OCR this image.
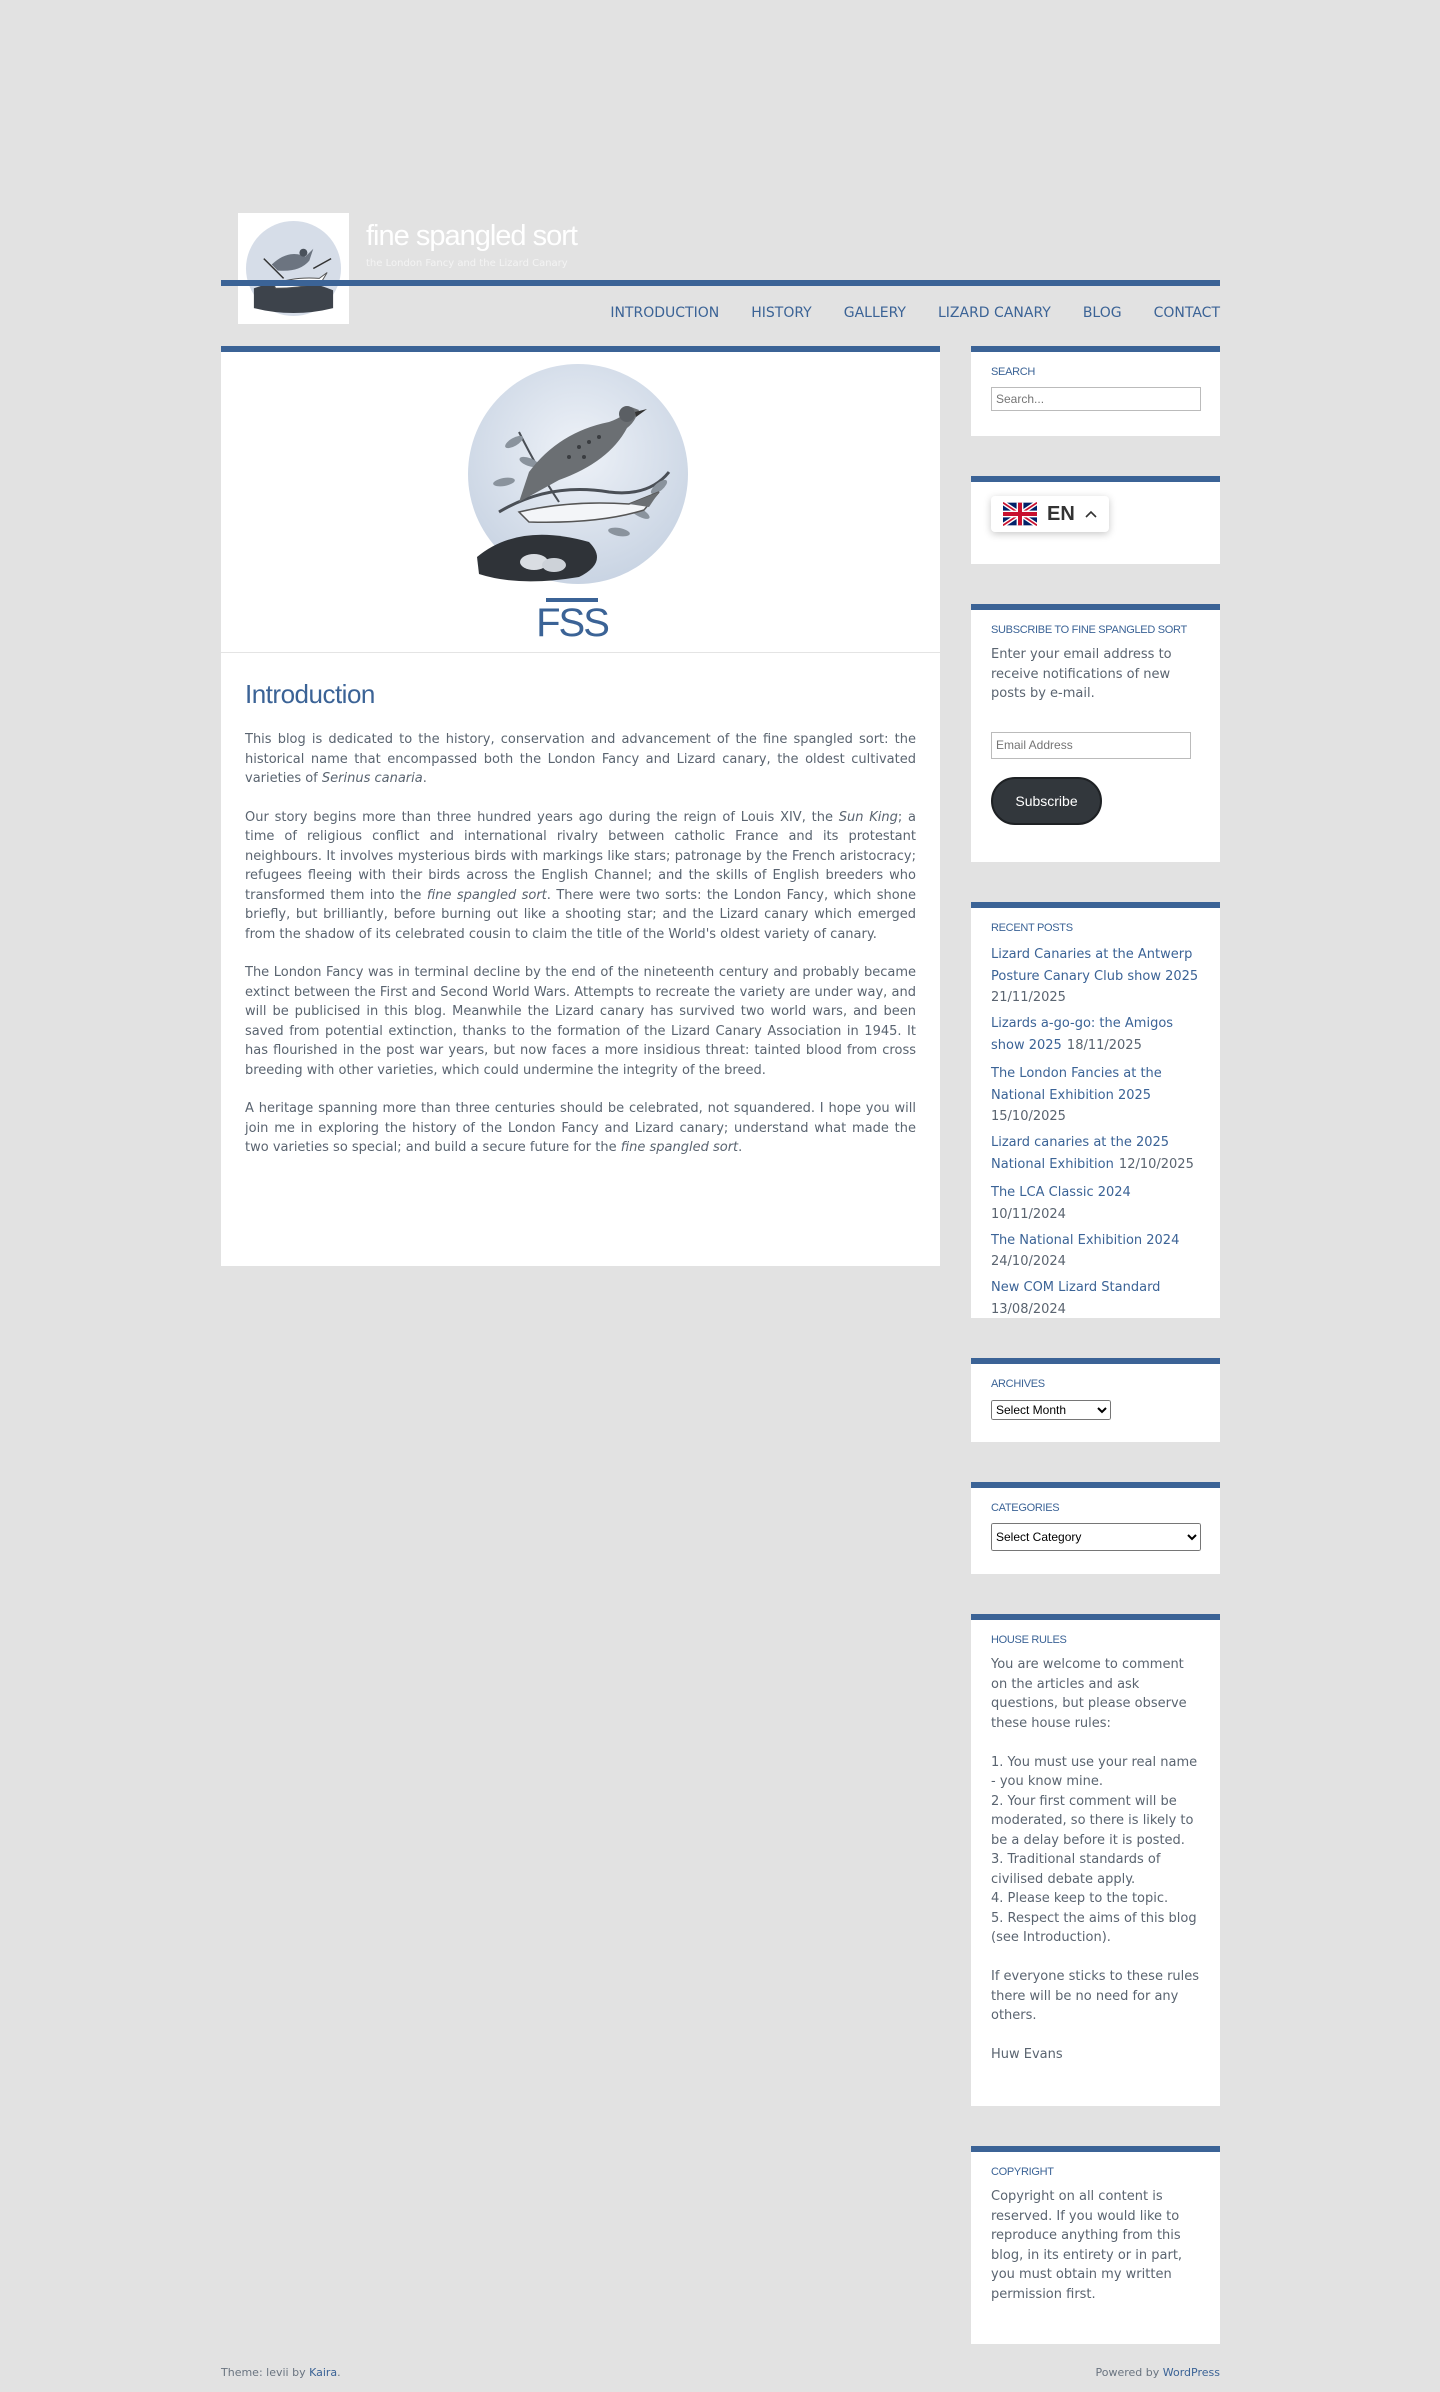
fine spangled sort

the London Fancy and the Lizard Canary

INTRODUCTION HISTORY GALLERY LIZARD CANARY BLOG CONTACT
FSS
Introduction

This blog is dedicated to the history, conservation and advancement of the fine spangled sort: the historical name that encompassed both the London Fancy and Lizard canary, the oldest cultivated varieties of Serinus canaria.

Our story begins more than three hundred years ago during the reign of Louis XIV, the Sun King; a time of religious conflict and international rivalry between catholic France and its protestant neighbours. It involves mysterious birds with markings like stars; patronage by the French aristocracy; refugees fleeing with their birds across the English Channel; and the skills of English breeders who transformed them into the fine spangled sort. There were two sorts: the London Fancy, which shone briefly, but brilliantly, before burning out like a shooting star; and the Lizard canary which emerged from the shadow of its celebrated cousin to claim the title of the World's oldest variety of canary.

The London Fancy was in terminal decline by the end of the nineteenth century and probably became extinct between the First and Second World Wars. Attempts to recreate the variety are under way, and will be publicised in this blog. Meanwhile the Lizard canary has survived two world wars, and been saved from potential extinction, thanks to the formation of the Lizard Canary Association in 1945. It has flourished in the post war years, but now faces a more insidious threat: tainted blood from cross breeding with other varieties, which could undermine the integrity of the breed.

A heritage spanning more than three centuries should be celebrated, not squandered. I hope you will join me in exploring the history of the London Fancy and Lizard canary; understand what made the two varieties so special; and build a secure future for the fine spangled sort.

SEARCH
Search...
EN
SUBSCRIBE TO FINE SPANGLED SORT

Enter your email address to receive notifications of new posts by e-mail.

Email Address Subscribe
RECENT POSTS
Lizard Canaries at the Antwerp Posture Canary Club show 2025 21/11/2025
Lizards a-go-go: the Amigos show 2025 18/11/2025
The London Fancies at the National Exhibition 2025 15/10/2025
Lizard canaries at the 2025 National Exhibition 12/10/2025
The LCA Classic 2024 10/11/2024
The National Exhibition 2024 24/10/2024
New COM Lizard Standard 13/08/2024
ARCHIVES
Select Month
CATEGORIES
Select Category
HOUSE RULES

You are welcome to comment on the articles and ask questions, but please observe these house rules:

1. You must use your real name - you know mine.

2. Your first comment will be moderated, so there is likely to be a delay before it is posted.

3. Traditional standards of civilised debate apply.

4. Please keep to the topic.

5. Respect the aims of this blog (see Introduction).

If everyone sticks to these rules there will be no need for any others.

Huw Evans

COPYRIGHT

Copyright on all content is reserved. If you would like to reproduce anything from this blog, in its entirety or in part, you must obtain my written permission first.

Theme: levii by Kaira.	Powered by WordPress
